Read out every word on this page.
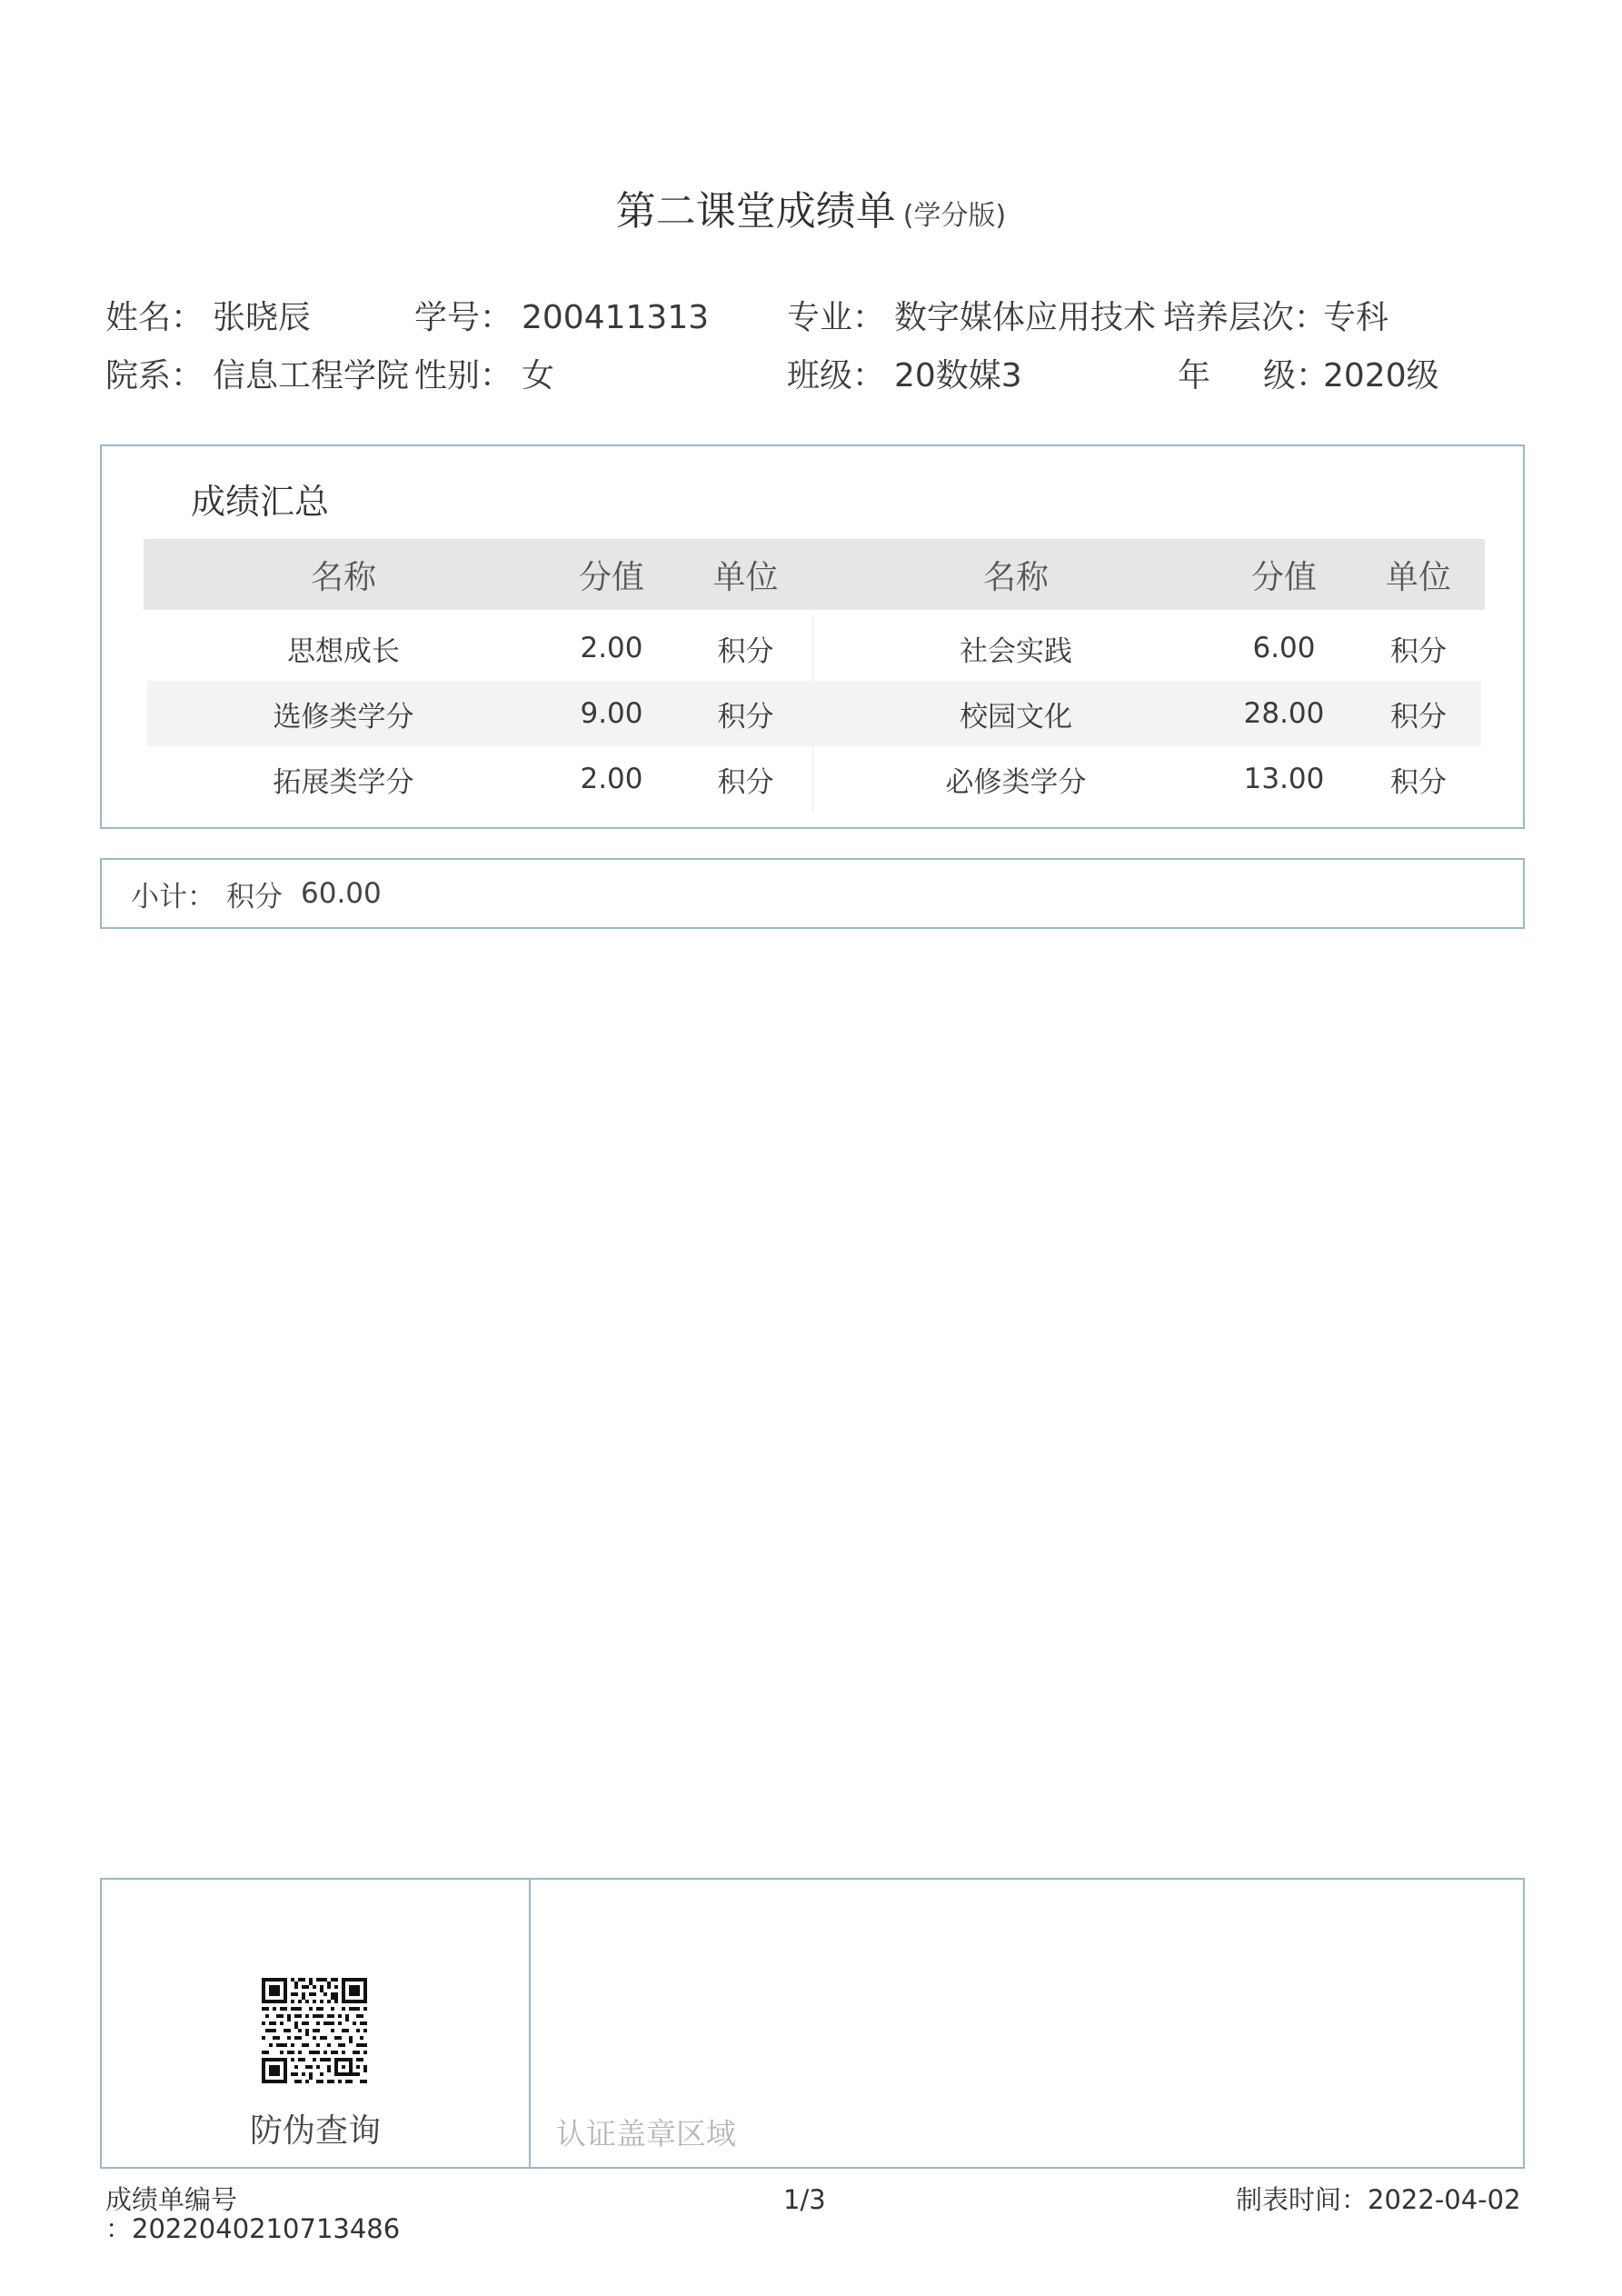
第二课堂成绩单 (学分版)
姓名： 张晓辰	学号： 200411313 专业： 数字媒体应用技术 培养层次：
专科
院系： 信息工程学院 性别： 女	班级： 20数媒3	年 级：
2020级
成绩汇总
名称	分值	单位	名称	分值	单位
思想成长	2.00	积分	社会实践	6.00	积分
选修类学分	9.00	积分	校园文化	28.00	积分
拓展类学分	2.00	积分	必修类学分	13.00	积分
小计： 积分 60.00
防伪查询	认证盖章区域
成绩单编号
：2022040210713486
1/3	制表时间：2022-04-02
